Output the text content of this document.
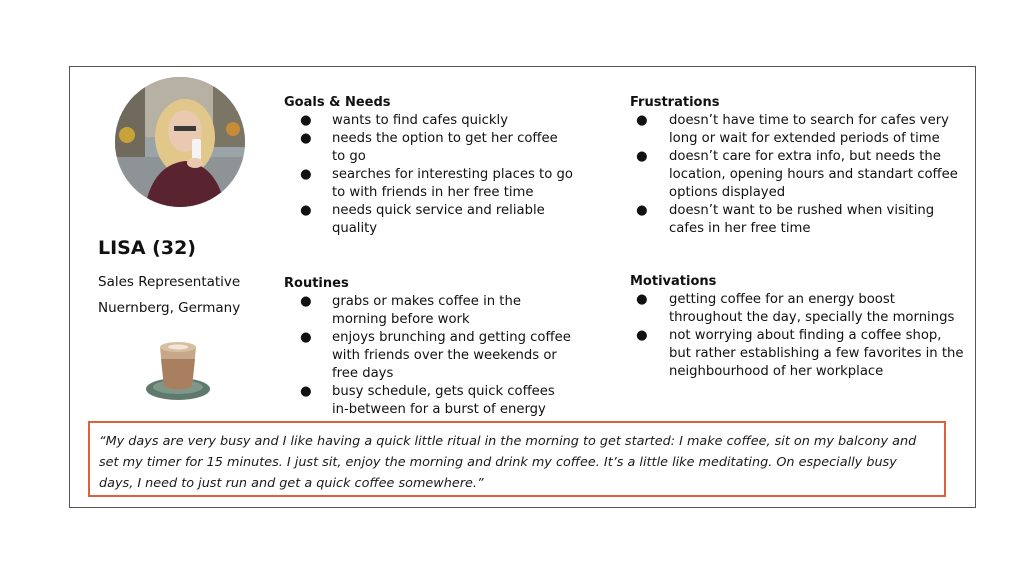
LISA (32)

Sales Representative

Nuernberg, Germany

Goals & Needs
● wants to find cafes quickly
● needs the option to get her coffee to go
● searches for interesting places to go to with friends in her free time
● needs quick service and reliable quality
Routines
● grabs or makes coffee in the morning before work
● enjoys brunching and getting coffee with friends over the weekends or free days
● busy schedule, gets quick coffees in-between for a burst of energy
Frustrations
● doesn’t have time to search for cafes very long or wait for extended periods of time
● doesn’t care for extra info, but needs the location, opening hours and standart coffee options displayed
● doesn’t want to be rushed when visiting cafes in her free time
Motivations
● getting coffee for an energy boost throughout the day, specially the mornings
● not worrying about finding a coffee shop, but rather establishing a few favorites in the neighbourhood of her workplace
“My days are very busy and I like having a quick little ritual in the morning to get started: I make coffee, sit on my balcony and set my timer for 15 minutes. I just sit, enjoy the morning and drink my coffee. It’s a little like meditating. On especially busy days, I need to just run and get a quick coffee somewhere.”
